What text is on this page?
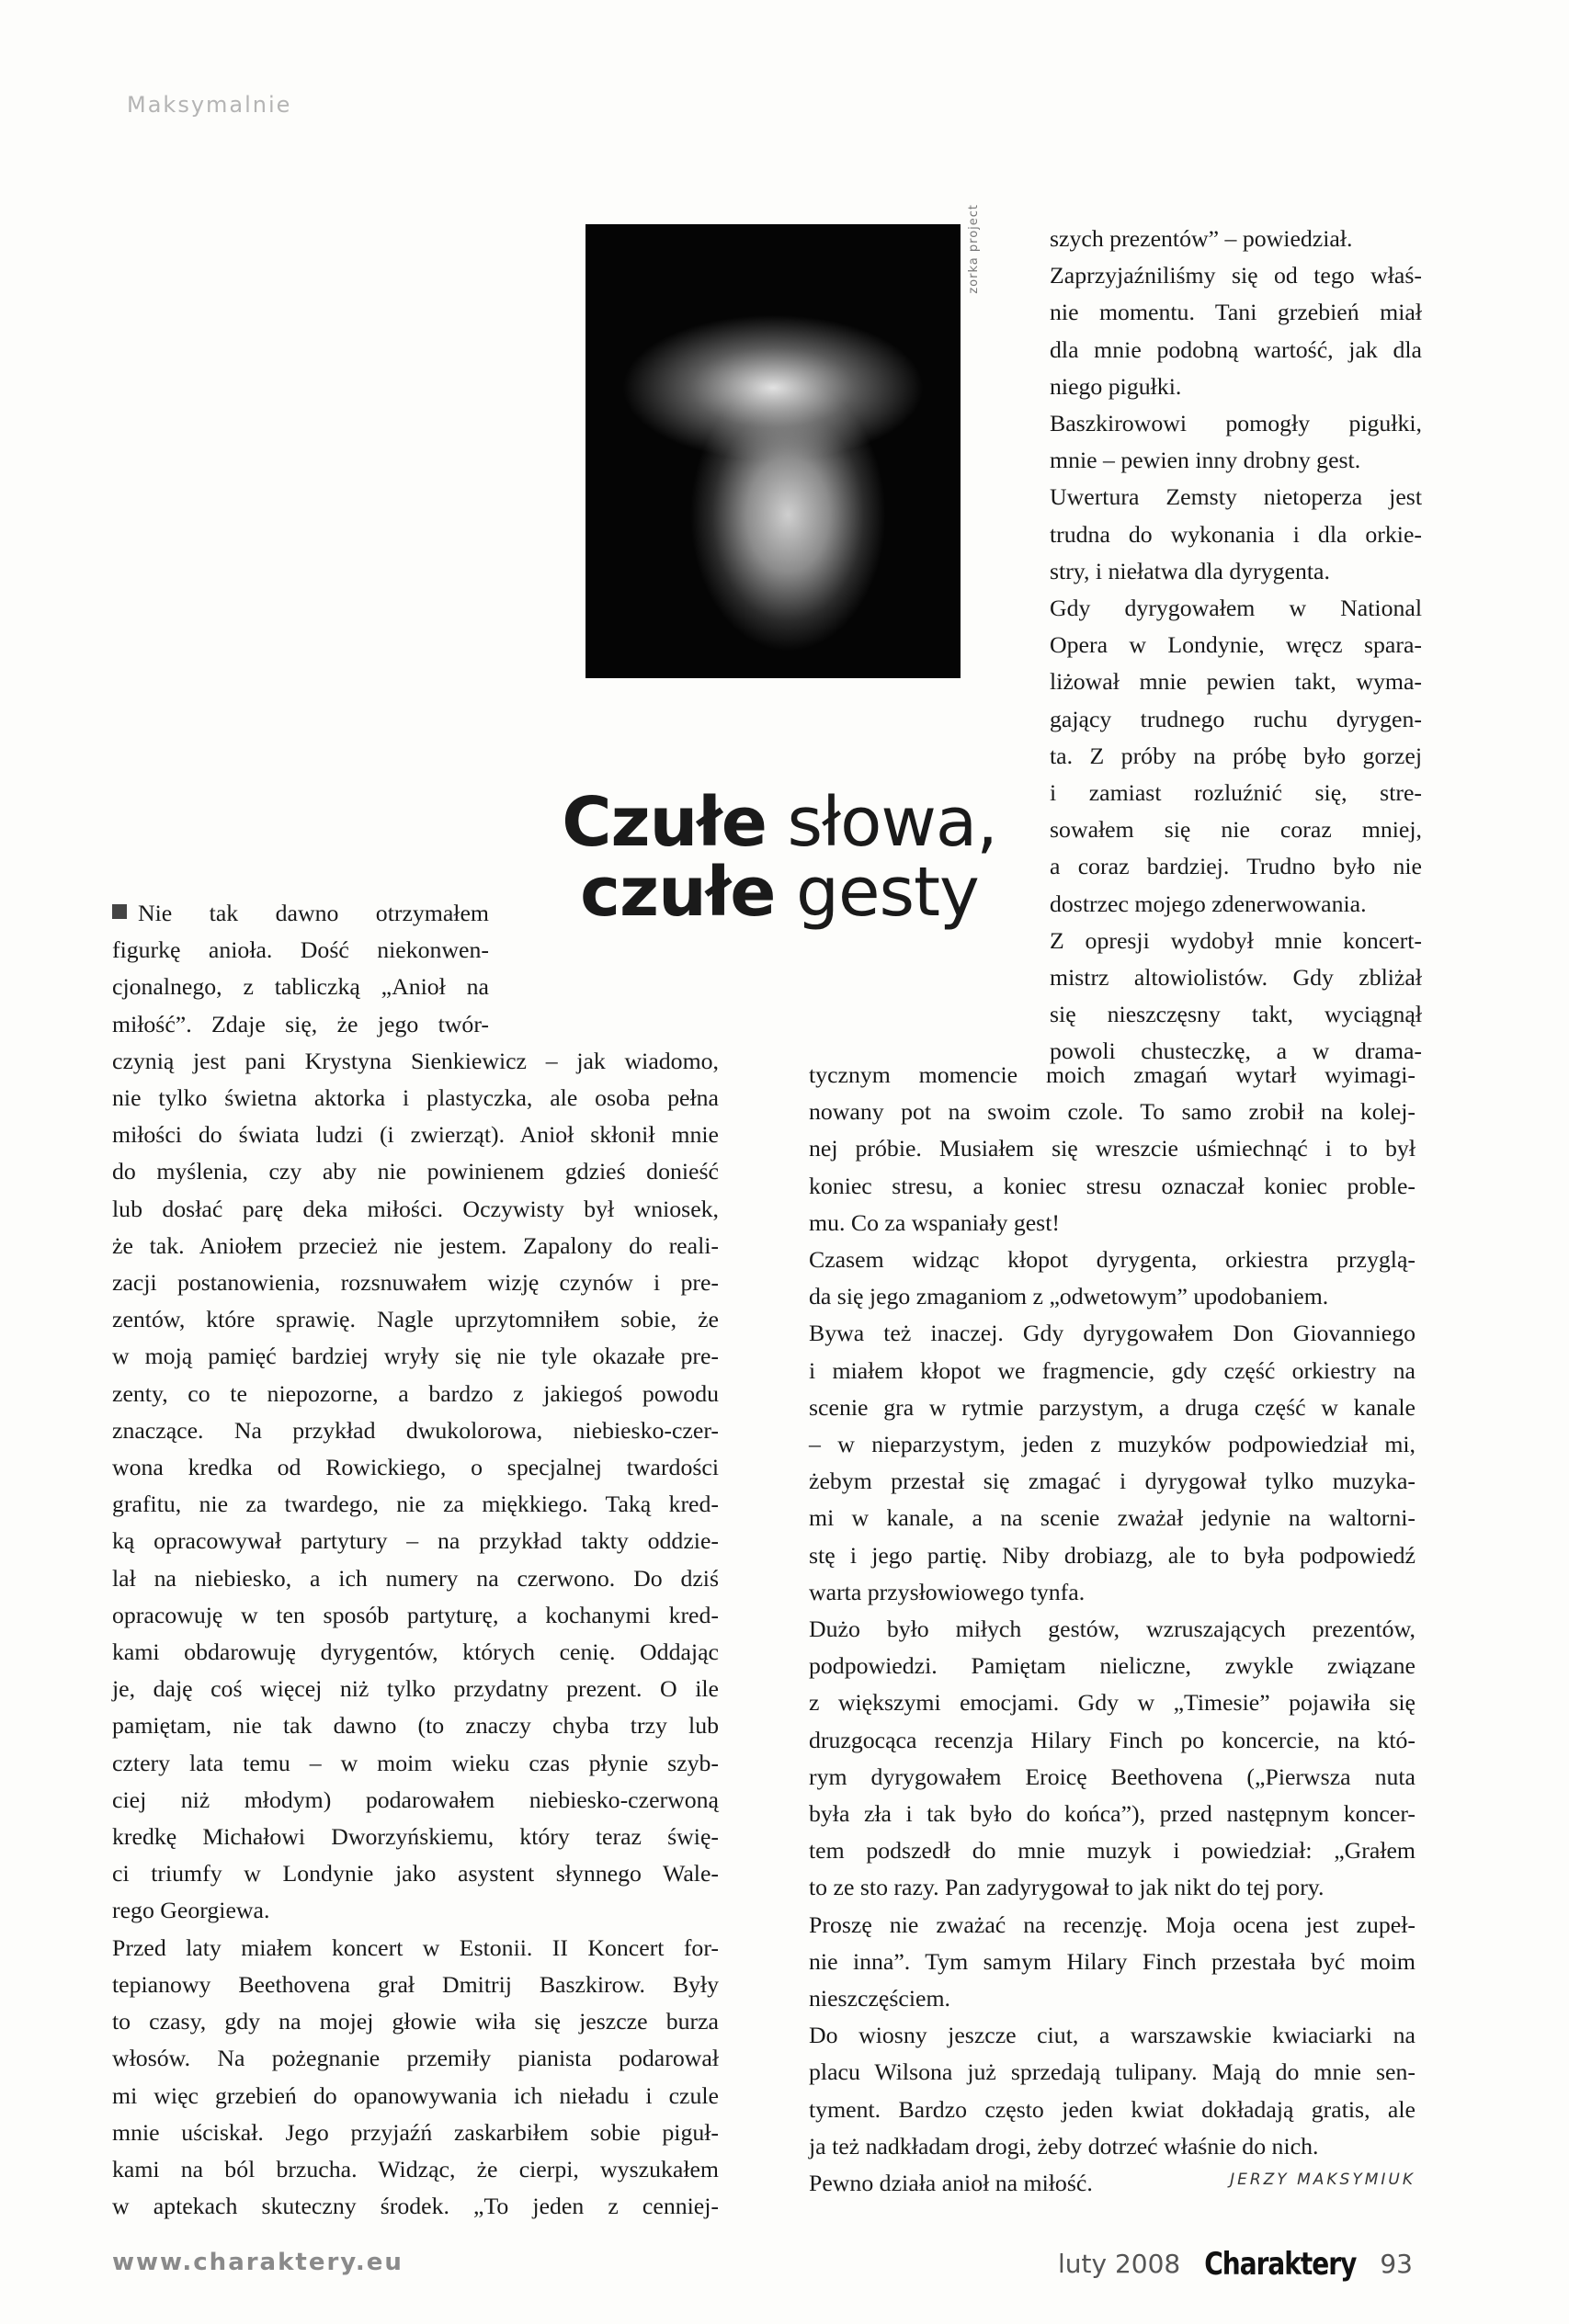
Maksymalnie
zorka project
Czułe słowa,
czułe gesty
Nie tak dawno otrzymałem
figurkę anioła. Dość niekonwen-
cjonalnego, z tabliczką „Anioł na
miłość”. Zdaje się, że jego twór-
czynią jest pani Krystyna Sienkiewicz – jak wiadomo,
nie tylko świetna aktorka i plastyczka, ale osoba pełna
miłości do świata ludzi (i zwierząt). Anioł skłonił mnie
do myślenia, czy aby nie powinienem gdzieś donieść
lub dosłać parę deka miłości. Oczywisty był wniosek,
że tak. Aniołem przecież nie jestem. Zapalony do reali-
zacji postanowienia, rozsnuwałem wizję czynów i pre-
zentów, które sprawię. Nagle uprzytomniłem sobie, że
w moją pamięć bardziej wryły się nie tyle okazałe pre-
zenty, co te niepozorne, a bardzo z jakiegoś powodu
znaczące. Na przykład dwukolorowa, niebiesko-czer-
wona kredka od Rowickiego, o specjalnej twardości
grafitu, nie za twardego, nie za miękkiego. Taką kred-
ką opracowywał partytury – na przykład takty oddzie-
lał na niebiesko, a ich numery na czerwono. Do dziś
opracowuję w ten sposób partyturę, a kochanymi kred-
kami obdarowuję dyrygentów, których cenię. Oddając
je, daję coś więcej niż tylko przydatny prezent. O ile
pamiętam, nie tak dawno (to znaczy chyba trzy lub
cztery lata temu – w moim wieku czas płynie szyb-
ciej niż młodym) podarowałem niebiesko-czerwoną
kredkę Michałowi Dworzyńskiemu, który teraz świę-
ci triumfy w Londynie jako asystent słynnego Wale-
rego Georgiewa.
Przed laty miałem koncert w Estonii. II Koncert for-
tepianowy Beethovena grał Dmitrij Baszkirow. Były
to czasy, gdy na mojej głowie wiła się jeszcze burza
włosów. Na pożegnanie przemiły pianista podarował
mi więc grzebień do opanowywania ich nieładu i czule
mnie uściskał. Jego przyjaźń zaskarbiłem sobie piguł-
kami na ból brzucha. Widząc, że cierpi, wyszukałem
w aptekach skuteczny środek. „To jeden z cenniej-
szych prezentów” – powiedział.
Zaprzyjaźniliśmy się od tego właś-
nie momentu. Tani grzebień miał
dla mnie podobną wartość, jak dla
niego pigułki.
Baszkirowowi pomogły pigułki,
mnie – pewien inny drobny gest.
Uwertura Zemsty nietoperza jest
trudna do wykonania i dla orkie-
stry, i niełatwa dla dyrygenta.
Gdy dyrygowałem w National
Opera w Londynie, wręcz spara-
liżował mnie pewien takt, wyma-
gający trudnego ruchu dyrygen-
ta. Z próby na próbę było gorzej
i zamiast rozluźnić się, stre-
sowałem się nie coraz mniej,
a coraz bardziej. Trudno było nie
dostrzec mojego zdenerwowania.
Z opresji wydobył mnie koncert-
mistrz altowiolistów. Gdy zbliżał
się nieszczęsny takt, wyciągnął
powoli chusteczkę, a w drama-
tycznym momencie moich zmagań wytarł wyimagi-
nowany pot na swoim czole. To samo zrobił na kolej-
nej próbie. Musiałem się wreszcie uśmiechnąć i to był
koniec stresu, a koniec stresu oznaczał koniec proble-
mu. Co za wspaniały gest!
Czasem widząc kłopot dyrygenta, orkiestra przyglą-
da się jego zmaganiom z „odwetowym” upodobaniem.
Bywa też inaczej. Gdy dyrygowałem Don Giovanniego
i miałem kłopot we fragmencie, gdy część orkiestry na
scenie gra w rytmie parzystym, a druga część w kanale
– w nieparzystym, jeden z muzyków podpowiedział mi,
żebym przestał się zmagać i dyrygował tylko muzyka-
mi w kanale, a na scenie zważał jedynie na waltorni-
stę i jego partię. Niby drobiazg, ale to była podpowiedź
warta przysłowiowego tynfa.
Dużo było miłych gestów, wzruszających prezentów,
podpowiedzi. Pamiętam nieliczne, zwykle związane
z większymi emocjami. Gdy w „Timesie” pojawiła się
druzgocąca recenzja Hilary Finch po koncercie, na któ-
rym dyrygowałem Eroicę Beethovena („Pierwsza nuta
była zła i tak było do końca”), przed następnym koncer-
tem podszedł do mnie muzyk i powiedział: „Grałem
to ze sto razy. Pan zadyrygował to jak nikt do tej pory.
Proszę nie zważać na recenzję. Moja ocena jest zupeł-
nie inna”. Tym samym Hilary Finch przestała być moim
nieszczęściem.
Do wiosny jeszcze ciut, a warszawskie kwiaciarki na
placu Wilsona już sprzedają tulipany. Mają do mnie sen-
tyment. Bardzo często jeden kwiat dokładają gratis, ale
ja też nadkładam drogi, żeby dotrzeć właśnie do nich.
Pewno działa anioł na miłość.	JERZY MAKSYMIUK
www.charaktery.eu	luty 2008 Charaktery 93
